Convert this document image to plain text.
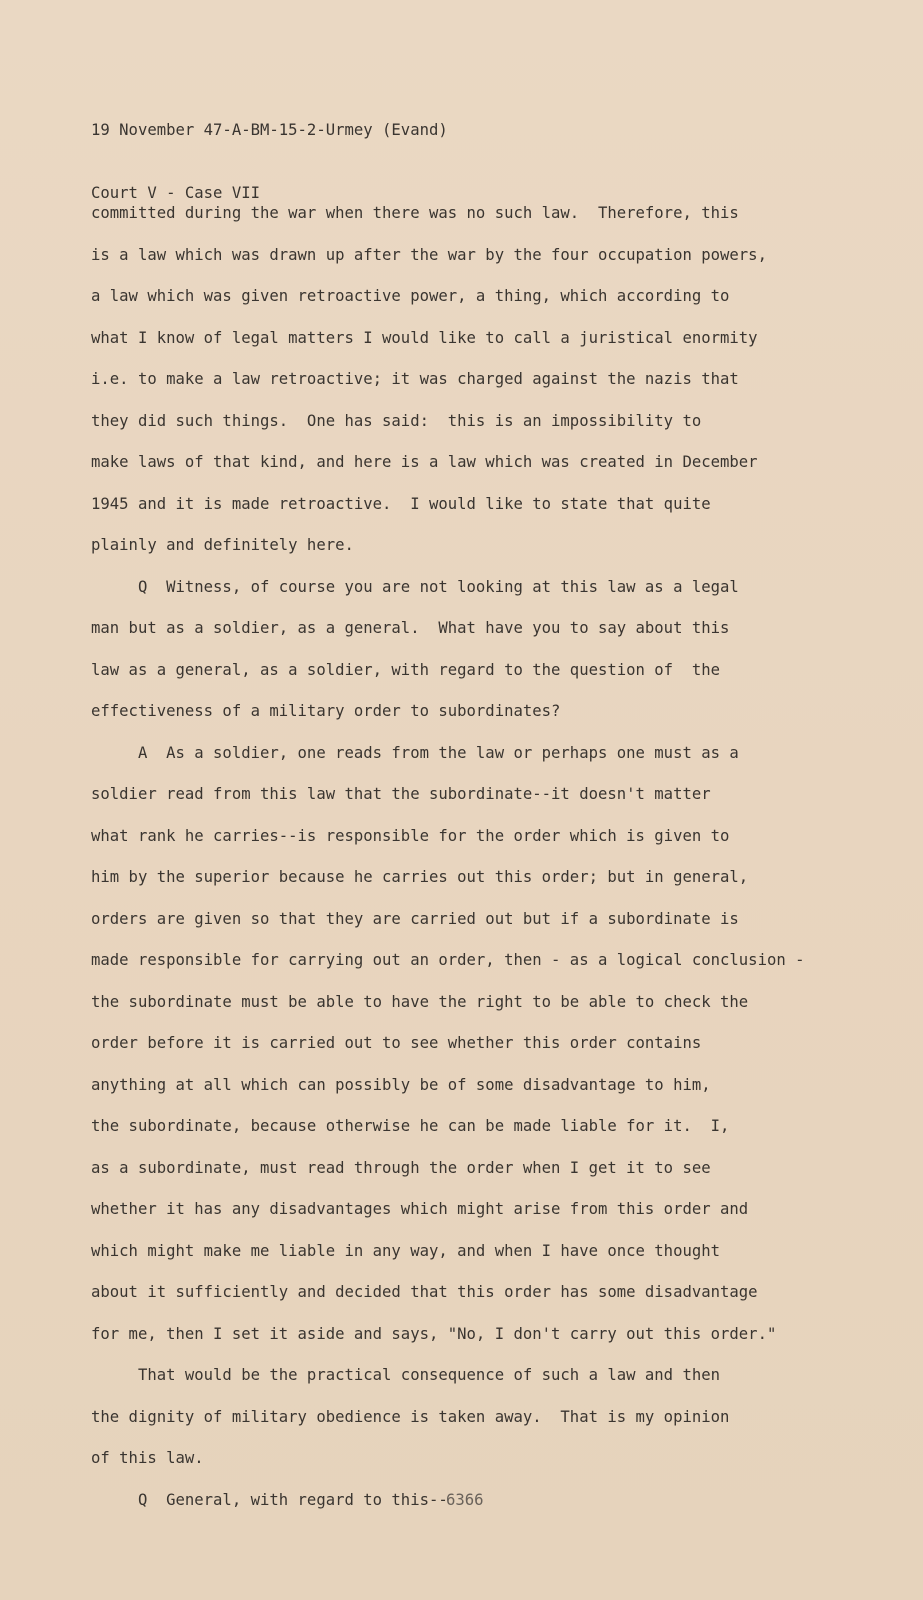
19 November 47-A-BM-15-2-Urmey (Evand)

Court V - Case VII

committed during the war when there was no such law.  Therefore, this
is a law which was drawn up after the war by the four occupation powers,
a law which was given retroactive power, a thing, which according to
what I know of legal matters I would like to call a juristical enormity
i.e. to make a law retroactive; it was charged against the nazis that
they did such things.  One has said:  this is an impossibility to
make laws of that kind, and here is a law which was created in December
1945 and it is made retroactive.  I would like to state that quite
plainly and definitely here.
Q  Witness, of course you are not looking at this law as a legal
man but as a soldier, as a general.  What have you to say about this
law as a general, as a soldier, with regard to the question of  the
effectiveness of a military order to subordinates?
A  As a soldier, one reads from the law or perhaps one must as a
soldier read from this law that the subordinate--it doesn't matter
what rank he carries--is responsible for the order which is given to
him by the superior because he carries out this order; but in general,
orders are given so that they are carried out but if a subordinate is
made responsible for carrying out an order, then - as a logical conclusion -
the subordinate must be able to have the right to be able to check the
order before it is carried out to see whether this order contains
anything at all which can possibly be of some disadvantage to him,
the subordinate, because otherwise he can be made liable for it.  I,
as a subordinate, must read through the order when I get it to see
whether it has any disadvantages which might arise from this order and
which might make me liable in any way, and when I have once thought
about it sufficiently and decided that this order has some disadvantage
for me, then I set it aside and says, "No, I don't carry out this order."
That would be the practical consequence of such a law and then
the dignity of military obedience is taken away.  That is my opinion
of this law.
Q  General, with regard to this--
6366
